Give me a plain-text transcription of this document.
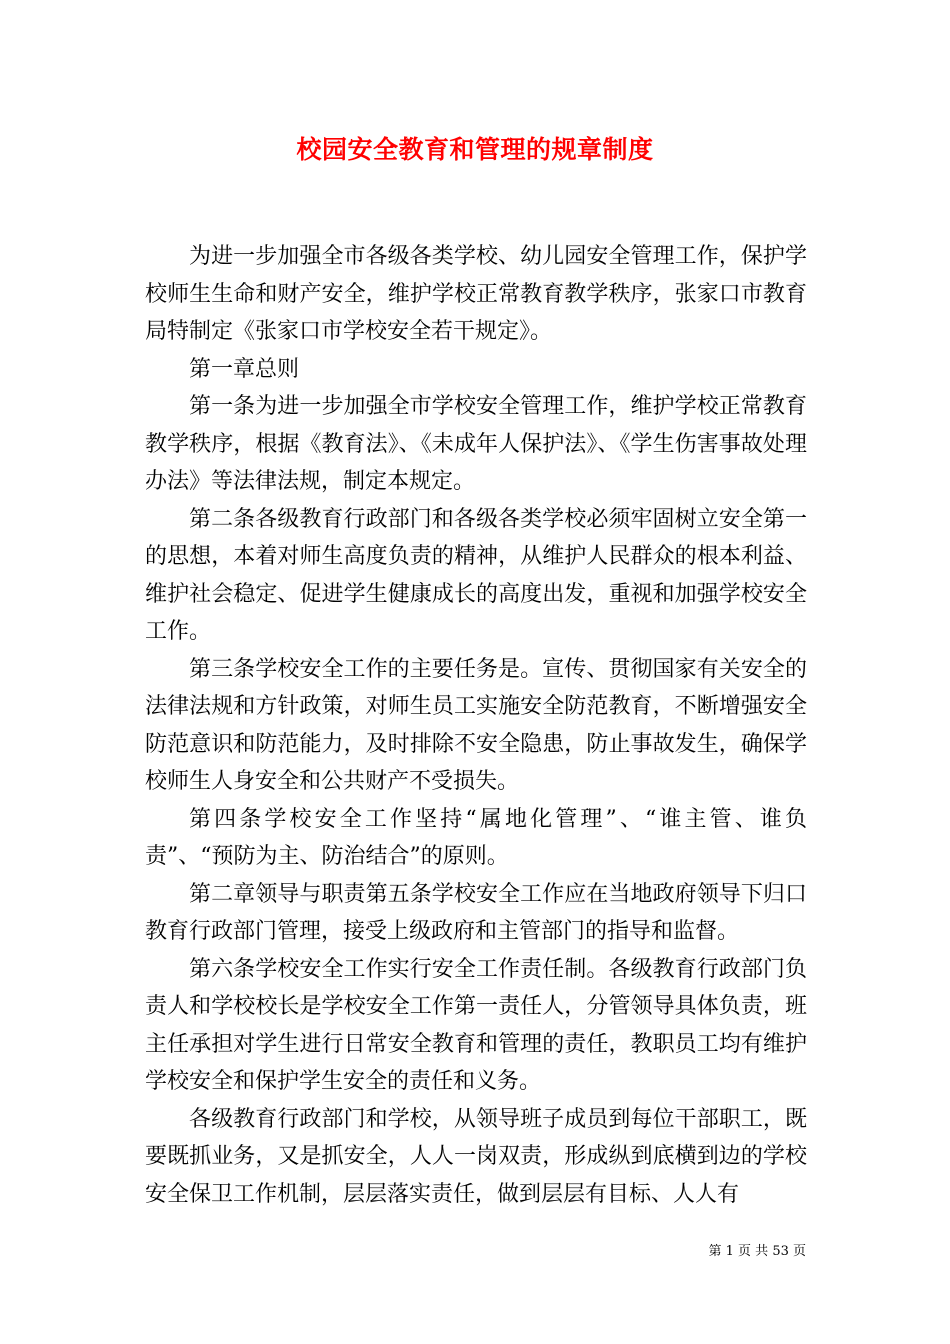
校园安全教育和管理的规章制度

为进一步加强全市各级各类学校、幼儿园安全管理工作，保护学校师生生命和财产安全，维护学校正常教育教学秩序，张家口市教育局特制定《张家口市学校安全若干规定》。

第一章总则

第一条为进一步加强全市学校安全管理工作，维护学校正常教育教学秩序，根据《教育法》、《未成年人保护法》、《学生伤害事故处理办法》等法律法规，制定本规定。

第二条各级教育行政部门和各级各类学校必须牢固树立安全第一的思想，本着对师生高度负责的精神，从维护人民群众的根本利益、维护社会稳定、促进学生健康成长的高度出发，重视和加强学校安全工作。

第三条学校安全工作的主要任务是。宣传、贯彻国家有关安全的法律法规和方针政策，对师生员工实施安全防范教育，不断增强安全防范意识和防范能力，及时排除不安全隐患，防止事故发生，确保学校师生人身安全和公共财产不受损失。

第四条学校安全工作坚持“属地化管理”、“谁主管、谁负责”、“预防为主、防治结合”的原则。

第二章领导与职责第五条学校安全工作应在当地政府领导下归口教育行政部门管理，接受上级政府和主管部门的指导和监督。

第六条学校安全工作实行安全工作责任制。各级教育行政部门负责人和学校校长是学校安全工作第一责任人，分管领导具体负责，班主任承担对学生进行日常安全教育和管理的责任，教职员工均有维护学校安全和保护学生安全的责任和义务。

各级教育行政部门和学校，从领导班子成员到每位干部职工，既要既抓业务，又是抓安全，人人一岗双责，形成纵到底横到边的学校安全保卫工作机制，层层落实责任，做到层层有目标、人人有

第 1 页 共 53 页
